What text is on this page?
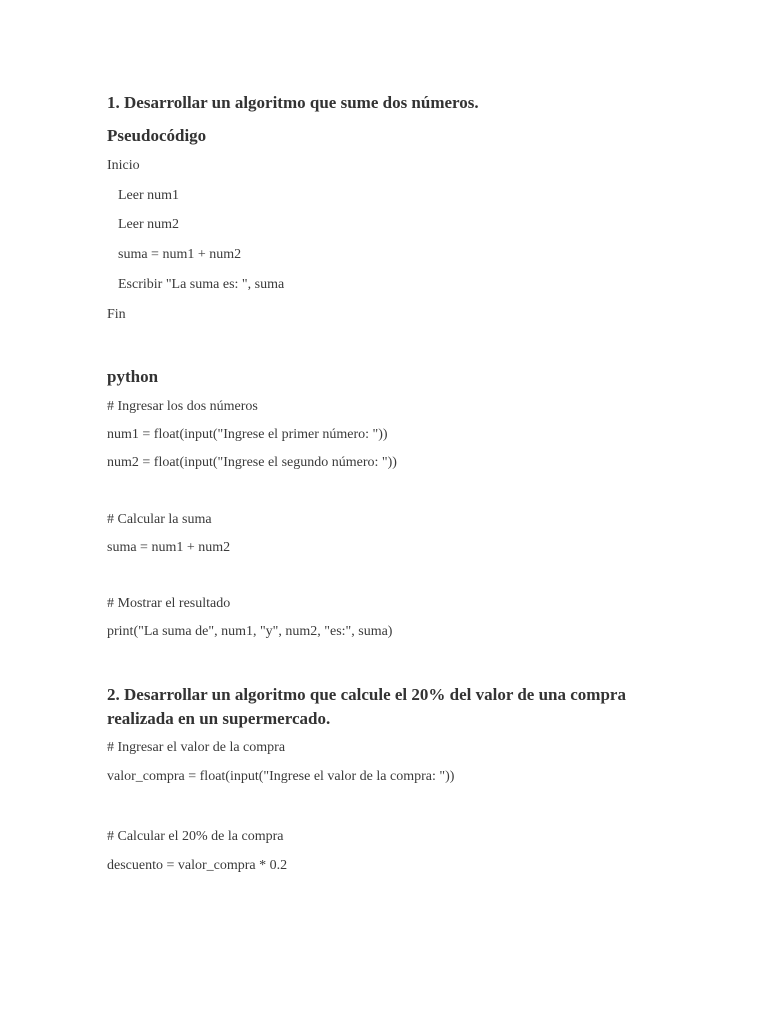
1. Desarrollar un algoritmo que sume dos números.
Pseudocódigo
Inicio
Leer num1
Leer num2
suma = num1 + num2
Escribir "La suma es: ", suma
Fin
python
# Ingresar los dos números
num1 = float(input("Ingrese el primer número: "))
num2 = float(input("Ingrese el segundo número: "))
# Calcular la suma
suma = num1 + num2
# Mostrar el resultado
print("La suma de", num1, "y", num2, "es:", suma)
2. Desarrollar un algoritmo que calcule el 20% del valor de una compra realizada en un supermercado.
# Ingresar el valor de la compra
valor_compra = float(input("Ingrese el valor de la compra: "))
# Calcular el 20% de la compra
descuento = valor_compra * 0.2
